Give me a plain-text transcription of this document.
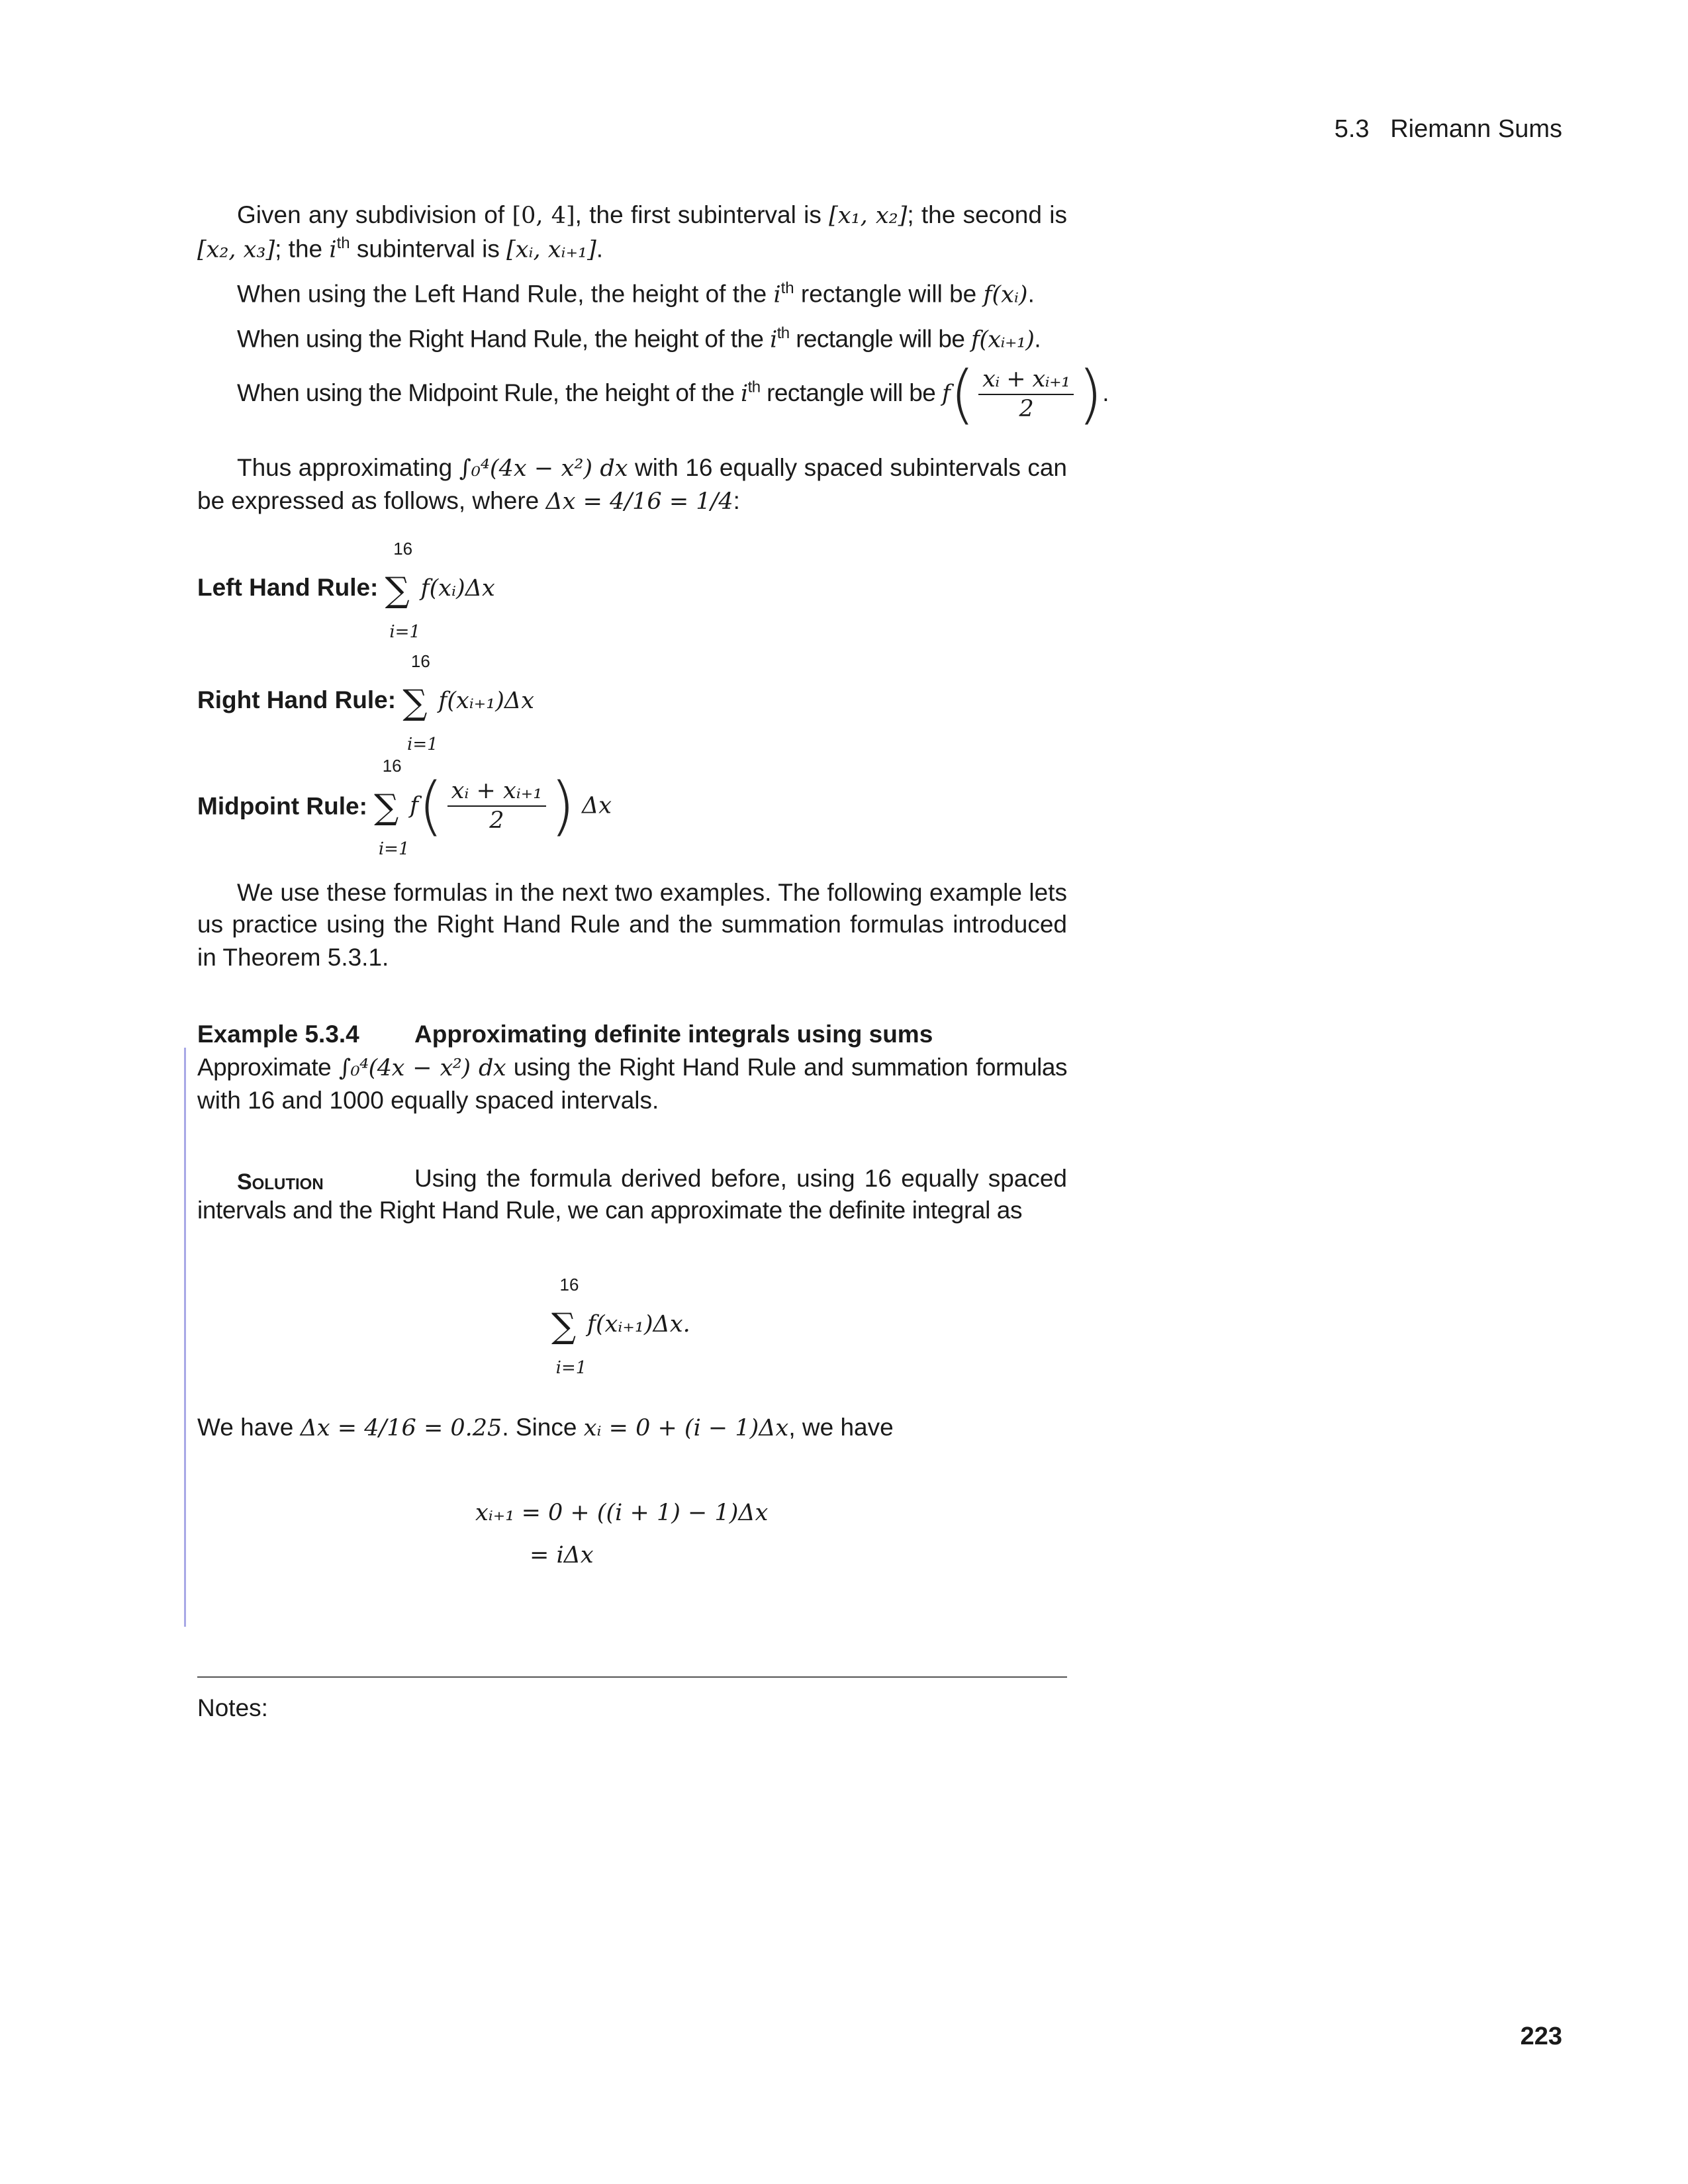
5.3 Riemann Sums
Given any subdivision of [0, 4], the first subinterval is [x₁, x₂]; the second is
[x₂, x₃]; the $i^{th}$ subinterval is [xᵢ, xᵢ₊₁].
When using the Left Hand Rule, the height of the $i^{th}$ rectangle will be f(xᵢ).
When using the Right Hand Rule, the height of the $i^{th}$ rectangle will be f(xᵢ₊₁).
When using the Midpoint Rule, the height of the $i^{th}$ rectangle will be $f( \frac{\text{xᵢ + xᵢ₊₁}}{2}$ ).
Thus approximating ∫₀⁴(4x − x²) dx with 16 equally spaced subintervals can
be expressed as follows, where Δx = 4/16 = 1/4:
Left Hand Rule:
16
∑
i=1
f(xᵢ)Δx
Right Hand Rule:
16
∑
i=1
f(xᵢ₊₁)Δx
Midpoint Rule:
16
∑
i=1
$f( \frac{\text{xᵢ + xᵢ₊₁}}{2}$ ) Δx
We use these formulas in the next two examples. The following example lets
us practice using the Right Hand Rule and the summation formulas introduced
in Theorem 5.3.1.
Example 5.3.4 Approximating definite integrals using sums
Approximate ∫₀⁴(4x − x²) dx using the Right Hand Rule and summation formulas
with 16 and 1000 equally spaced intervals.
Solution	Using the formula derived before, using 16 equally spaced
intervals and the Right Hand Rule, we can approximate the definite integral as
16
∑
i=1
f(xᵢ₊₁)Δx.
We have Δx = 4/16 = 0.25. Since xᵢ = 0 + (i − 1)Δx, we have
xᵢ₊₁ = 0 + ((i + 1) − 1)Δx
= iΔx
Notes:
223
